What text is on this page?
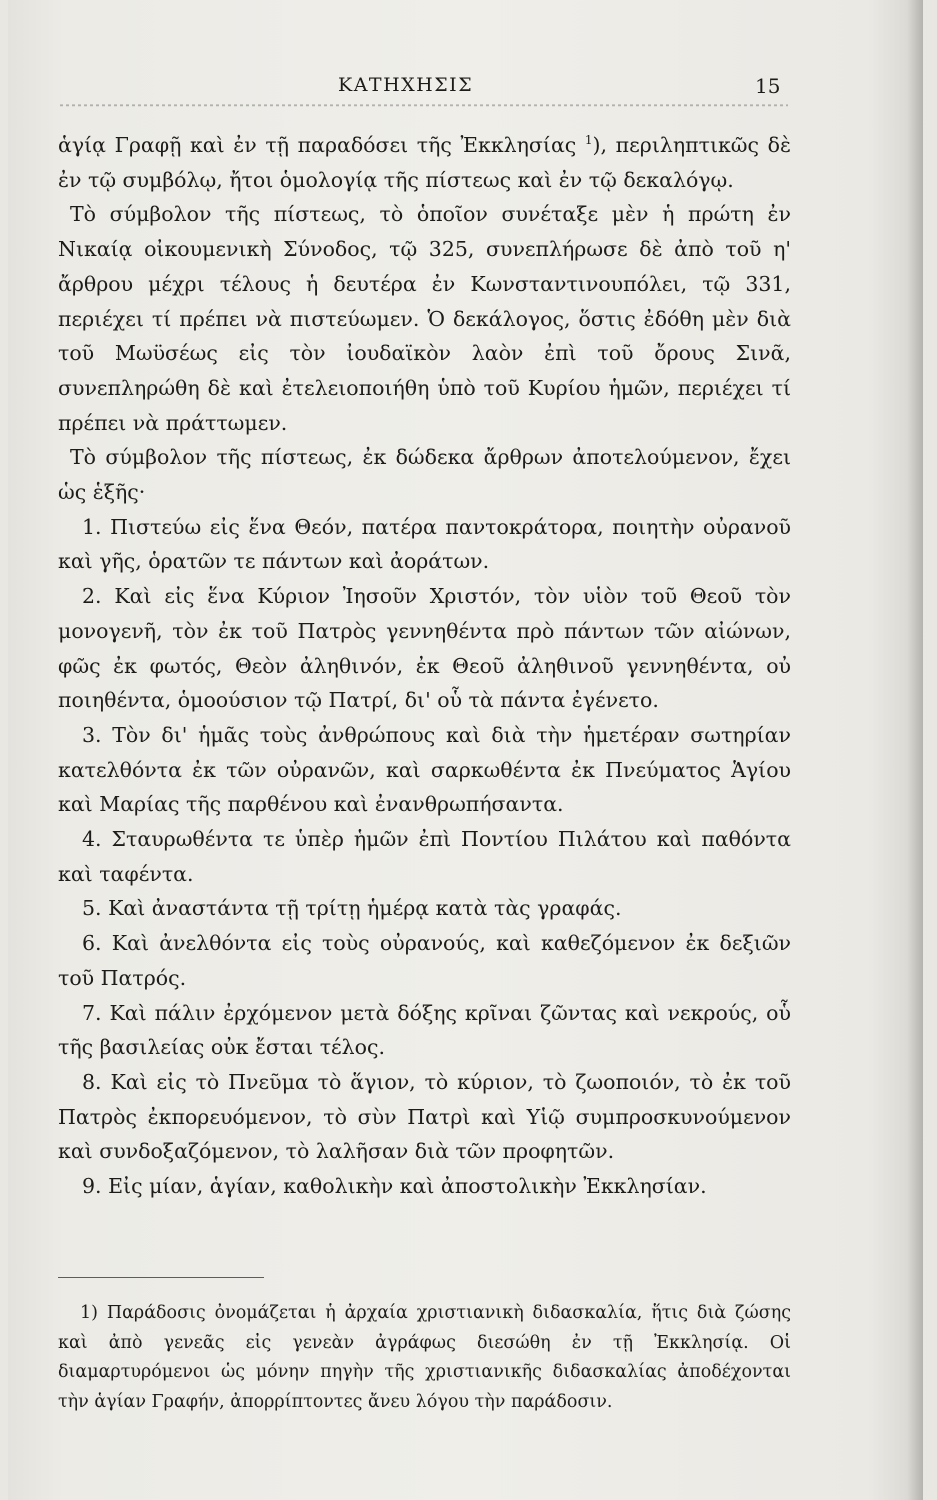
ΚΑΤΗΧΗΣΙΣ	15

ἁγίᾳ Γραφῇ καὶ ἐν τῇ παραδόσει τῆς Ἐκκλησίας $^1$), περιληπτικῶς δὲ ἐν τῷ συμβόλῳ, ἤτοι ὁμολογίᾳ τῆς πίστεως καὶ ἐν τῷ δεκαλόγῳ.

Τὸ σύμβολον τῆς πίστεως, τὸ ὁποῖον συνέταξε μὲν ἡ πρώτη ἐν Νικαίᾳ οἰκουμενικὴ Σύνοδος, τῷ 325, συνεπλήρωσε δὲ ἀπὸ τοῦ η' ἄρθρου μέχρι τέλους ἡ δευτέρα ἐν Κωνσταντινουπόλει, τῷ 331, περιέχει τί πρέπει νὰ πιστεύωμεν. Ὁ δεκάλογος, ὅστις ἐδόθη μὲν διὰ τοῦ Μωϋσέως εἰς τὸν ἰουδαϊκὸν λαὸν ἐπὶ τοῦ ὄρους Σινᾶ, συνεπληρώθη δὲ καὶ ἐτελειοποιήθη ὑπὸ τοῦ Κυρίου ἡμῶν, περιέχει τί πρέπει νὰ πράττωμεν.

Τὸ σύμβολον τῆς πίστεως, ἐκ δώδεκα ἄρθρων ἀποτελούμενον, ἔχει ὡς ἑξῆς·

1. Πιστεύω εἰς ἕνα Θεόν, πατέρα παντοκράτορα, ποιητὴν οὐρανοῦ καὶ γῆς, ὁρατῶν τε πάντων καὶ ἀοράτων.

2. Καὶ εἰς ἕνα Κύριον Ἰησοῦν Χριστόν, τὸν υἱὸν τοῦ Θεοῦ τὸν μονογενῆ, τὸν ἐκ τοῦ Πατρὸς γεννηθέντα πρὸ πάντων τῶν αἰώνων, φῶς ἐκ φωτός, Θεὸν ἀληθινόν, ἐκ Θεοῦ ἀληθινοῦ γεννηθέντα, οὐ ποιηθέντα, ὁμοούσιον τῷ Πατρί, δι' οὗ τὰ πάντα ἐγένετο.

3. Τὸν δι' ἡμᾶς τοὺς ἀνθρώπους καὶ διὰ τὴν ἡμετέραν σωτηρίαν κατελθόντα ἐκ τῶν οὐρανῶν, καὶ σαρκωθέντα ἐκ Πνεύματος Ἁγίου καὶ Μαρίας τῆς παρθένου καὶ ἐνανθρωπήσαντα.

4. Σταυρωθέντα τε ὑπὲρ ἡμῶν ἐπὶ Ποντίου Πιλάτου καὶ παθόντα καὶ ταφέντα.

5. Καὶ ἀναστάντα τῇ τρίτῃ ἡμέρᾳ κατὰ τὰς γραφάς.

6. Καὶ ἀνελθόντα εἰς τοὺς οὐρανούς, καὶ καθεζόμενον ἐκ δεξιῶν τοῦ Πατρός.

7. Καὶ πάλιν ἐρχόμενον μετὰ δόξης κρῖναι ζῶντας καὶ νεκρούς, οὗ τῆς βασιλείας οὐκ ἔσται τέλος.

8. Καὶ εἰς τὸ Πνεῦμα τὸ ἅγιον, τὸ κύριον, τὸ ζωοποιόν, τὸ ἐκ τοῦ Πατρὸς ἐκπορευόμενον, τὸ σὺν Πατρὶ καὶ Υἱῷ συμπροσκυνούμενον καὶ συνδοξαζόμενον, τὸ λαλῆσαν διὰ τῶν προφητῶν.

9. Εἰς μίαν, ἁγίαν, καθολικὴν καὶ ἀποστολικὴν Ἐκκλησίαν.

1) Παράδοσις ὀνομάζεται ἡ ἀρχαία χριστιανικὴ διδασκαλία, ἥτις διὰ ζώσης καὶ ἀπὸ γενεᾶς εἰς γενεὰν ἀγράφως διεσώθη ἐν τῇ Ἐκκλησίᾳ. Οἱ διαμαρτυρόμενοι ὡς μόνην πηγὴν τῆς χριστιανικῆς διδασκαλίας ἀποδέχονται τὴν ἁγίαν Γραφήν, ἀπορρίπτοντες ἄνευ λόγου τὴν παράδοσιν.
